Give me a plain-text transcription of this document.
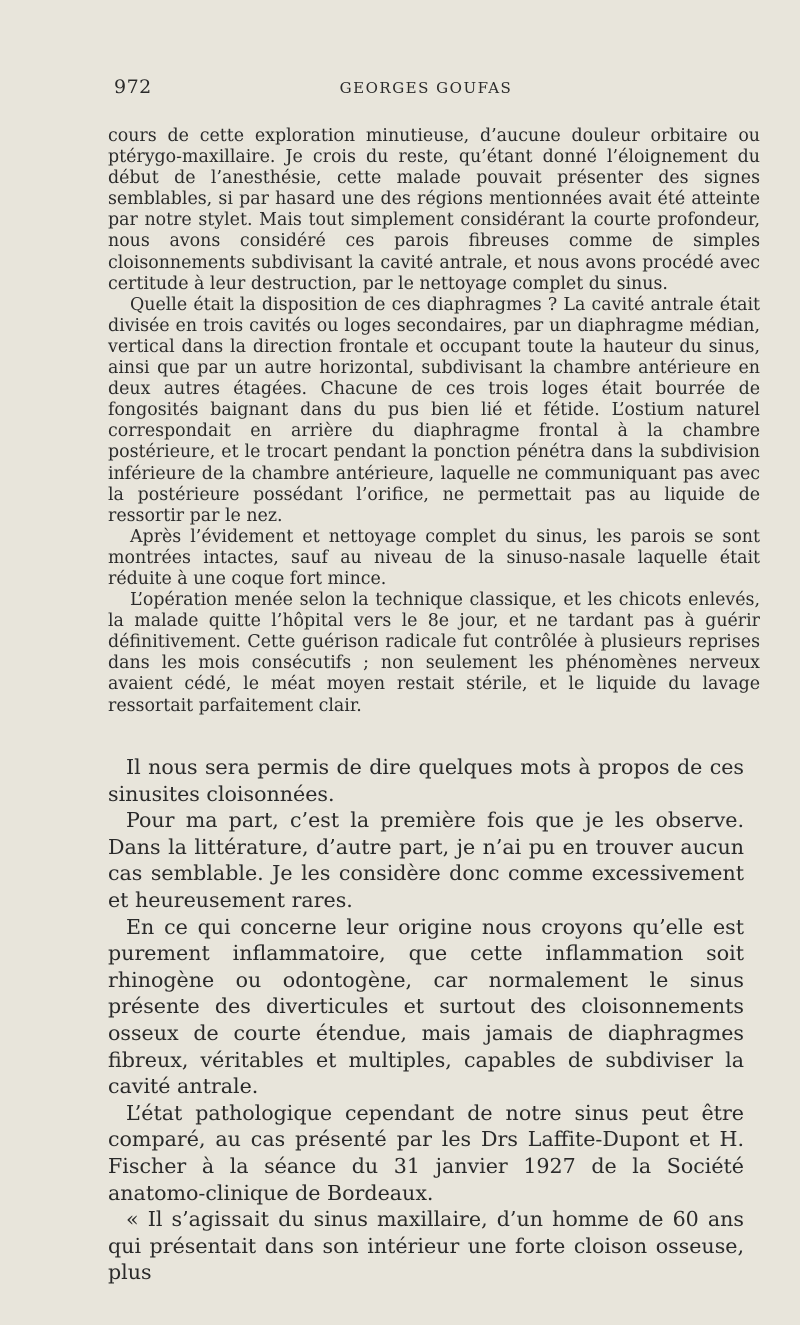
972	GEORGES GOUFAS

cours de cette exploration minutieuse, d’aucune douleur orbitaire ou ptérygo-maxillaire. Je crois du reste, qu’étant donné l’éloignement du début de l’anesthésie, cette malade pouvait présenter des signes semblables, si par hasard une des régions mentionnées avait été atteinte par notre stylet. Mais tout simplement considérant la courte profondeur, nous avons considéré ces parois fibreuses comme de simples cloisonnements subdivisant la cavité antrale, et nous avons procédé avec certitude à leur destruction, par le nettoyage complet du sinus.

Quelle était la disposition de ces diaphragmes ? La cavité antrale était divisée en trois cavités ou loges secondaires, par un diaphragme médian, vertical dans la direction frontale et occupant toute la hauteur du sinus, ainsi que par un autre horizontal, subdivisant la chambre antérieure en deux autres étagées. Chacune de ces trois loges était bourrée de fongosités baignant dans du pus bien lié et fétide. L’ostium naturel correspondait en arrière du diaphragme frontal à la chambre postérieure, et le trocart pendant la ponction pénétra dans la subdivision inférieure de la chambre antérieure, laquelle ne communiquant pas avec la postérieure possédant l’orifice, ne permettait pas au liquide de ressortir par le nez.

Après l’évidement et nettoyage complet du sinus, les parois se sont montrées intactes, sauf au niveau de la sinuso-nasale laquelle était réduite à une coque fort mince.

L’opération menée selon la technique classique, et les chicots enlevés, la malade quitte l’hôpital vers le 8e jour, et ne tardant pas à guérir définitivement. Cette guérison radicale fut contrôlée à plusieurs reprises dans les mois consécutifs ; non seulement les phénomènes nerveux avaient cédé, le méat moyen restait stérile, et le liquide du lavage ressortait parfaitement clair.

Il nous sera permis de dire quelques mots à propos de ces sinusites cloisonnées.

Pour ma part, c’est la première fois que je les observe. Dans la littérature, d’autre part, je n’ai pu en trouver aucun cas semblable. Je les considère donc comme excessivement et heureusement rares.

En ce qui concerne leur origine nous croyons qu’elle est purement inflammatoire, que cette inflammation soit rhinogène ou odontogène, car normalement le sinus présente des diverticules et surtout des cloisonnements osseux de courte étendue, mais jamais de diaphragmes fibreux, véritables et multiples, capables de subdiviser la cavité antrale.

L’état pathologique cependant de notre sinus peut être comparé, au cas présenté par les Drs Laffite-Dupont et H. Fischer à la séance du 31 janvier 1927 de la Société anatomo-clinique de Bordeaux.

« Il s’agissait du sinus maxillaire, d’un homme de 60 ans qui présentait dans son intérieur une forte cloison osseuse, plus
